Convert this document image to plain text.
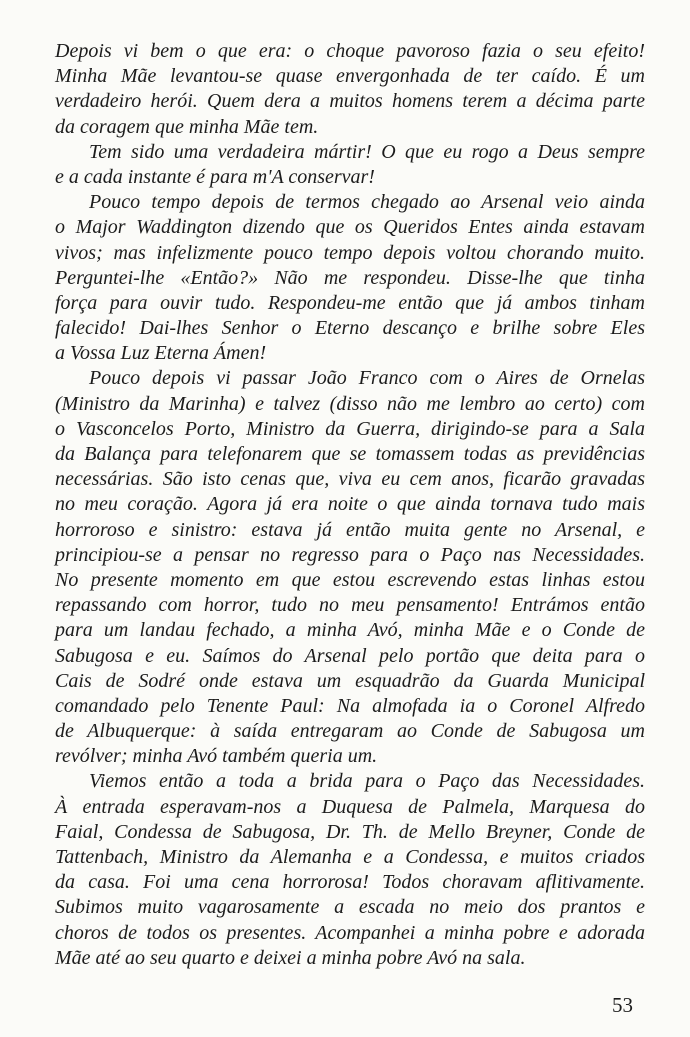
Depois vi bem o que era: o choque pavoroso fazia o seu efeito!
Minha Mãe levantou-se quase envergonhada de ter caído. É um
verdadeiro herói. Quem dera a muitos homens terem a décima parte
da coragem que minha Mãe tem.
Tem sido uma verdadeira mártir! O que eu rogo a Deus sempre
e a cada instante é para m'A conservar!
Pouco tempo depois de termos chegado ao Arsenal veio ainda
o Major Waddington dizendo que os Queridos Entes ainda estavam
vivos; mas infelizmente pouco tempo depois voltou chorando muito.
Perguntei-lhe «Então?» Não me respondeu. Disse-lhe que tinha
força para ouvir tudo. Respondeu-me então que já ambos tinham
falecido! Dai-lhes Senhor o Eterno descanço e brilhe sobre Eles
a Vossa Luz Eterna Ámen!
Pouco depois vi passar João Franco com o Aires de Ornelas
(Ministro da Marinha) e talvez (disso não me lembro ao certo) com
o Vasconcelos Porto, Ministro da Guerra, dirigindo-se para a Sala
da Balança para telefonarem que se tomassem todas as previdências
necessárias. São isto cenas que, viva eu cem anos, ficarão gravadas
no meu coração. Agora já era noite o que ainda tornava tudo mais
horroroso e sinistro: estava já então muita gente no Arsenal, e
principiou-se a pensar no regresso para o Paço nas Necessidades.
No presente momento em que estou escrevendo estas linhas estou
repassando com horror, tudo no meu pensamento! Entrámos então
para um landau fechado, a minha Avó, minha Mãe e o Conde de
Sabugosa e eu. Saímos do Arsenal pelo portão que deita para o
Cais de Sodré onde estava um esquadrão da Guarda Municipal
comandado pelo Tenente Paul: Na almofada ia o Coronel Alfredo
de Albuquerque: à saída entregaram ao Conde de Sabugosa um
revólver; minha Avó também queria um.
Viemos então a toda a brida para o Paço das Necessidades.
À entrada esperavam-nos a Duquesa de Palmela, Marquesa do
Faial, Condessa de Sabugosa, Dr. Th. de Mello Breyner, Conde de
Tattenbach, Ministro da Alemanha e a Condessa, e muitos criados
da casa. Foi uma cena horrorosa! Todos choravam aflitivamente.
Subimos muito vagarosamente a escada no meio dos prantos e
choros de todos os presentes. Acompanhei a minha pobre e adorada
Mãe até ao seu quarto e deixei a minha pobre Avó na sala.
53
